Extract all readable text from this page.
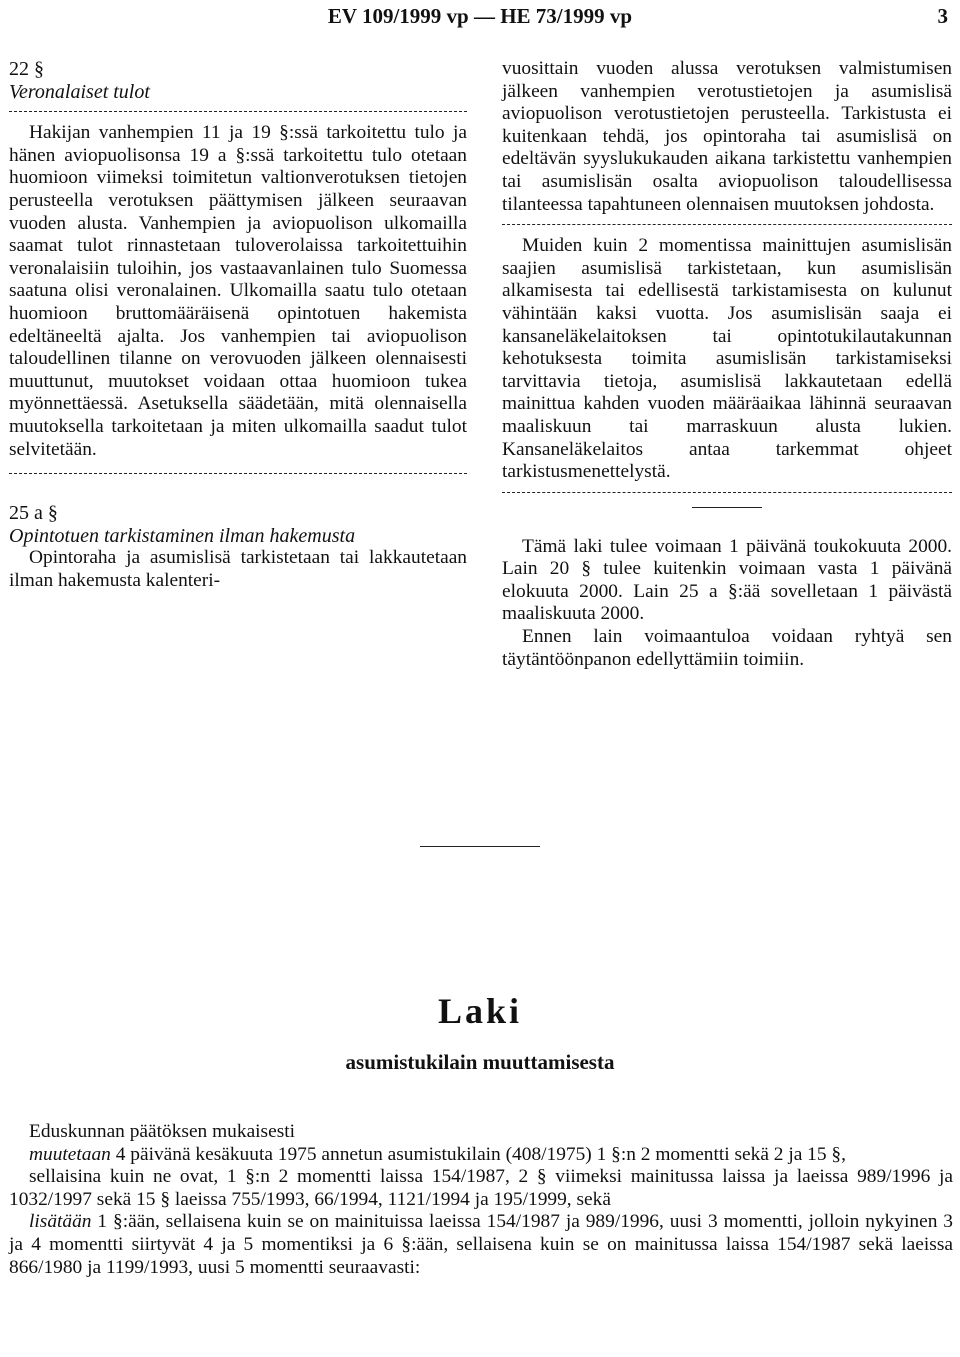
EV 109/1999 vp — HE 73/1999 vp	3

22 §

Veronalaiset tulot

Hakijan vanhempien 11 ja 19 §:ssä tarkoitettu tulo ja hänen aviopuolisonsa 19 a §:ssä tarkoitettu tulo otetaan huomioon viimeksi toimitetun valtionverotuksen tietojen perusteella verotuksen päättymisen jälkeen seuraavan vuoden alusta. Vanhempien ja aviopuolison ulkomailla saamat tulot rinnastetaan tuloverolaissa tarkoitettuihin veronalaisiin tuloihin, jos vastaavanlainen tulo Suomessa saatuna olisi veronalainen. Ulkomailla saatu tulo otetaan huomioon bruttomääräisenä opintotuen hakemista edeltäneeltä ajalta. Jos vanhempien tai aviopuolison taloudellinen tilanne on verovuoden jälkeen olennaisesti muuttunut, muutokset voidaan ottaa huomioon tukea myönnettäessä. Asetuksella säädetään, mitä olennaisella muutoksella tarkoitetaan ja miten ulkomailla saadut tulot selvitetään.

25 a §

Opintotuen tarkistaminen ilman hakemusta

Opintoraha ja asumislisä tarkistetaan tai lakkautetaan ilman hakemusta kalenteri-

vuosittain vuoden alussa verotuksen valmistumisen jälkeen vanhempien verotustietojen ja asumislisä aviopuolison verotustietojen perusteella. Tarkistusta ei kuitenkaan tehdä, jos opintoraha tai asumislisä on edeltävän syyslukukauden aikana tarkistettu vanhempien tai asumislisän osalta aviopuolison taloudellisessa tilanteessa tapahtuneen olennaisen muutoksen johdosta.

Muiden kuin 2 momentissa mainittujen asumislisän saajien asumislisä tarkistetaan, kun asumislisän alkamisesta tai edellisestä tarkistamisesta on kulunut vähintään kaksi vuotta. Jos asumislisän saaja ei kansaneläkelaitoksen tai opintotukilautakunnan kehotuksesta toimita asumislisän tarkistamiseksi tarvittavia tietoja, asumislisä lakkautetaan edellä mainittua kahden vuoden määräaikaa lähinnä seuraavan maaliskuun tai marraskuun alusta lukien. Kansaneläkelaitos antaa tarkemmat ohjeet tarkistusmenettelystä.

Tämä laki tulee voimaan 1 päivänä toukokuuta 2000. Lain 20 § tulee kuitenkin voimaan vasta 1 päivänä elokuuta 2000. Lain 25 a §:ää sovelletaan 1 päivästä maaliskuuta 2000.

Ennen lain voimaantuloa voidaan ryhtyä sen täytäntöönpanon edellyttämiin toimiin.

Laki

asumistukilain muuttamisesta

Eduskunnan päätöksen mukaisesti

muutetaan 4 päivänä kesäkuuta 1975 annetun asumistukilain (408/1975) 1 §:n 2 momentti sekä 2 ja 15 §,

sellaisina kuin ne ovat, 1 §:n 2 momentti laissa 154/1987, 2 § viimeksi mainitussa laissa ja laeissa 989/1996 ja 1032/1997 sekä 15 § laeissa 755/1993, 66/1994, 1121/1994 ja 195/1999, sekä

lisätään 1 §:ään, sellaisena kuin se on mainituissa laeissa 154/1987 ja 989/1996, uusi 3 momentti, jolloin nykyinen 3 ja 4 momentti siirtyvät 4 ja 5 momentiksi ja 6 §:ään, sellaisena kuin se on mainitussa laissa 154/1987 sekä laeissa 866/1980 ja 1199/1993, uusi 5 momentti seuraavasti:
